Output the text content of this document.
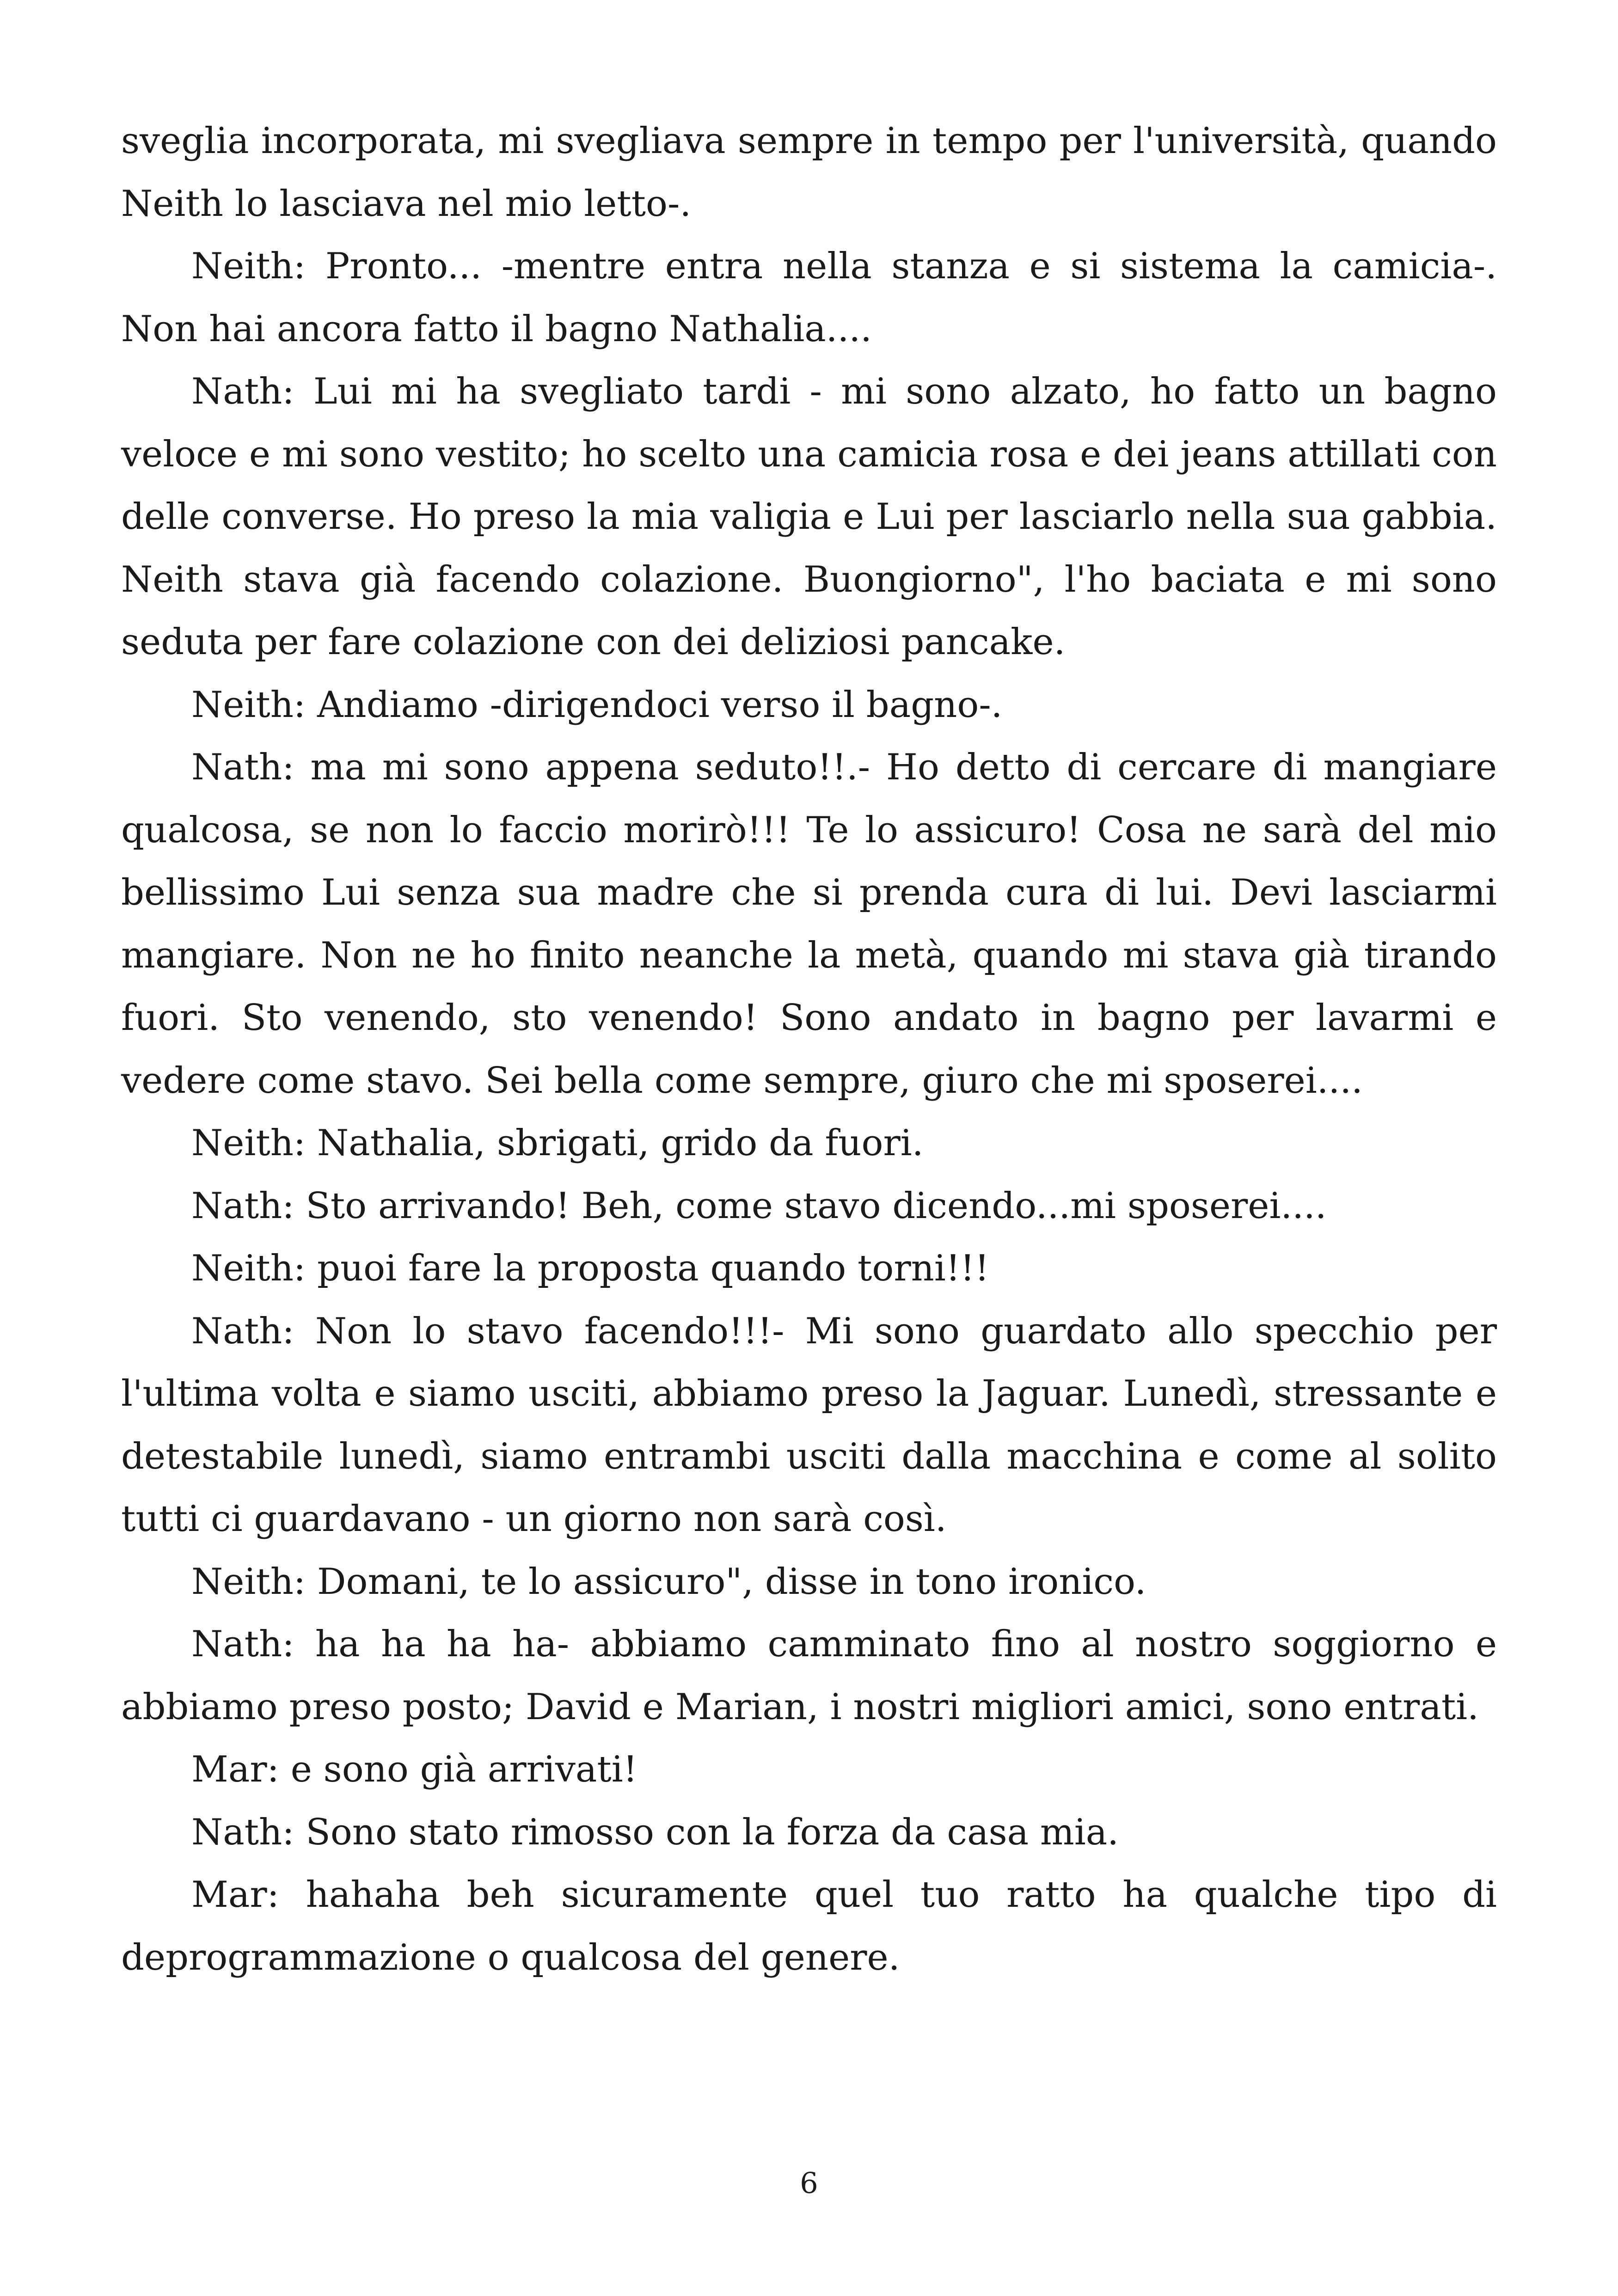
sveglia incorporata, mi svegliava sempre in tempo per l'università, quando Neith lo lasciava nel mio letto-.

Neith: Pronto... -mentre entra nella stanza e si sistema la camicia-. Non hai ancora fatto il bagno Nathalia....

Nath: Lui mi ha svegliato tardi - mi sono alzato, ho fatto un bagno veloce e mi sono vestito; ho scelto una camicia rosa e dei jeans attillati con delle converse. Ho preso la mia valigia e Lui per lasciarlo nella sua gabbia. Neith stava già facendo colazione. Buongiorno", l'ho baciata e mi sono seduta per fare colazione con dei deliziosi pancake.

Neith: Andiamo -dirigendoci verso il bagno-.

Nath: ma mi sono appena seduto!!.- Ho detto di cercare di mangiare qualcosa, se non lo faccio morirò!!! Te lo assicuro! Cosa ne sarà del mio bellissimo Lui senza sua madre che si prenda cura di lui. Devi lasciarmi mangiare. Non ne ho finito neanche la metà, quando mi stava già tirando fuori. Sto venendo, sto venendo! Sono andato in bagno per lavarmi e vedere come stavo. Sei bella come sempre, giuro che mi sposerei....

Neith: Nathalia, sbrigati, grido da fuori.

Nath: Sto arrivando! Beh, come stavo dicendo...mi sposerei....

Neith: puoi fare la proposta quando torni!!!

Nath: Non lo stavo facendo!!!- Mi sono guardato allo specchio per l'ultima volta e siamo usciti, abbiamo preso la Jaguar. Lunedì, stressante e detestabile lunedì, siamo entrambi usciti dalla macchina e come al solito tutti ci guardavano - un giorno non sarà così.

Neith: Domani, te lo assicuro", disse in tono ironico.

Nath: ha ha ha ha- abbiamo camminato fino al nostro soggiorno e abbiamo preso posto; David e Marian, i nostri migliori amici, sono entrati.

Mar: e sono già arrivati!

Nath: Sono stato rimosso con la forza da casa mia.

Mar: hahaha beh sicuramente quel tuo ratto ha qualche tipo di deprogrammazione o qualcosa del genere.

6
